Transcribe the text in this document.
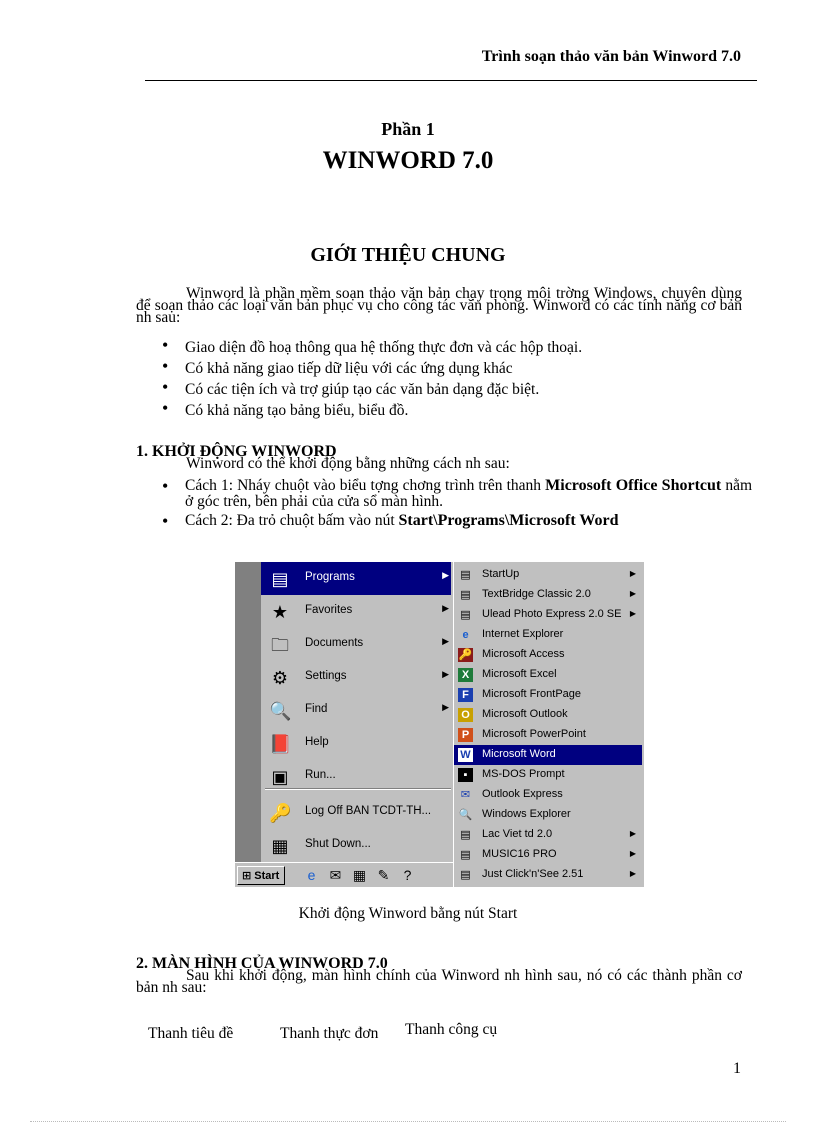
Trình soạn thảo văn bản Winword 7.0
Phần 1
WINWORD 7.0
GIỚI THIỆU CHUNG
Winword là phần mềm soạn thảo văn bản chạy trong môi trờng Windows, chuyên dùng để soạn thảo các loại văn bản phục vụ cho công tác văn phòng. Winword có các tính năng cơ bản nh sau:
• Giao diện đồ hoạ thông qua hệ thống thực đơn và các hộp thoại.
• Có khả năng giao tiếp dữ liệu với các ứng dụng khác
• Có các tiện ích và trợ giúp tạo các văn bản dạng đặc biệt.
• Có khả năng tạo bảng biểu, biểu đồ.
1. KHỞI ĐỘNG WINWORD
Winword có thể khởi động bằng những cách nh sau:
• Cách 1: Nháy chuột vào biểu tợng chơng trình trên thanh Microsoft Office Shortcut nằm ở góc trên, bên phải của cửa sổ màn hình.
• Cách 2: Đa trỏ chuột bấm vào nút Start\Programs\Microsoft Word
▤ Programs	▶
★ Favorites	▶
🗀 Documents	▶
⚙ Settings	▶
🔍 Find	▶
📕 Help
▣ Run...
🔑 Log Off BAN TCDT-TH...
▦ Shut Down...
▤ StartUp	▶
▤ TextBridge Classic 2.0	▶
▤ Ulead Photo Express 2.0 SE ▶
e	Internet Explorer
🔑 Microsoft Access
X	Microsoft Excel
F	Microsoft FrontPage
O Microsoft Outlook
P	Microsoft PowerPoint
W Microsoft Word
▪	MS-DOS Prompt
✉ Outlook Express
🔍 Windows Explorer
▤ Lac Viet td 2.0	▶
▤ MUSIC16 PRO	▶
▤ Just Click'n'See 2.51	▶
⊞ Start	e	✉ ▦ ✎	?
Khởi động Winword bằng nút Start
2. MÀN HÌNH CỦA WINWORD 7.0
Sau khi khởi động, màn hình chính của Winword nh hình sau, nó có các thành phần cơ bản nh sau:
Thanh tiêu đề	Thanh thực đơn Thanh công cụ
1
